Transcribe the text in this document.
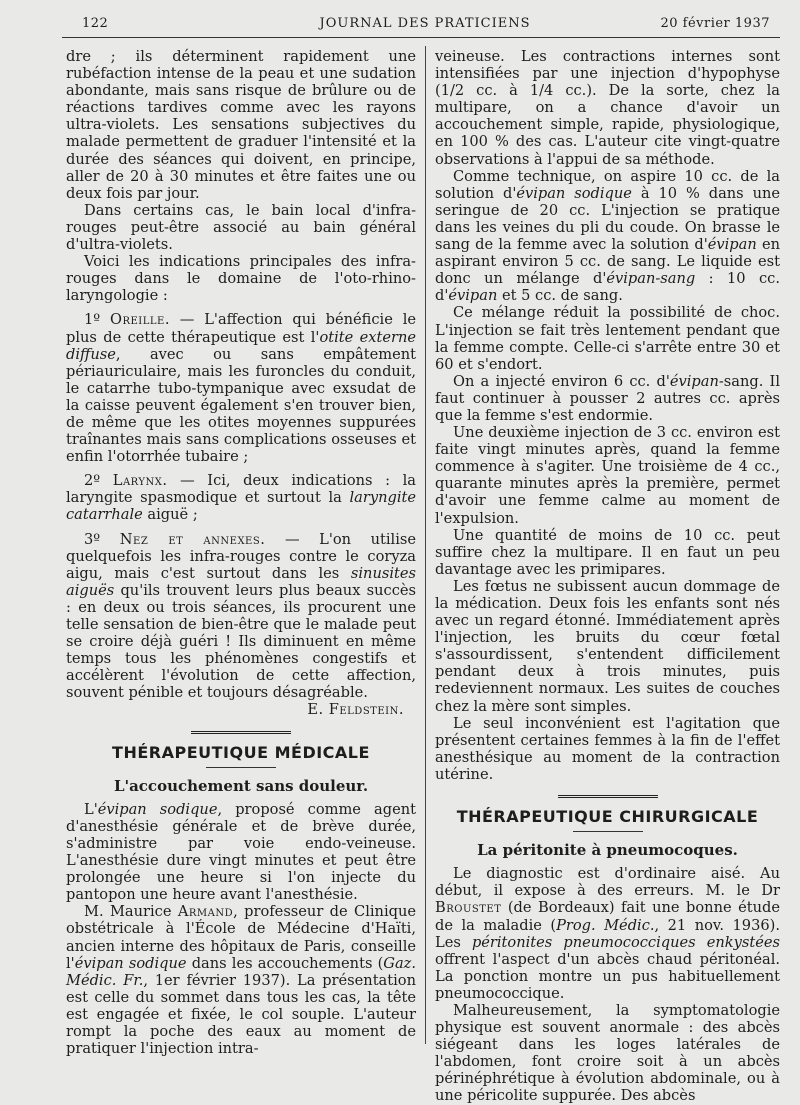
122	JOURNAL DES PRATICIENS	20 février 1937

dre ; ils déterminent rapidement une rubéfaction intense de la peau et une sudation abondante, mais sans risque de brûlure ou de réactions tardives comme avec les rayons ultra-violets. Les sensations subjectives du malade permettent de graduer l'intensité et la durée des séances qui doivent, en principe, aller de 20 à 30 minutes et être faites une ou deux fois par jour.

Dans certains cas, le bain local d'infra-rouges peut-être associé au bain général d'ultra-violets.

Voici les indications principales des infra-rouges dans le domaine de l'oto-rhino-laryngologie :

1º Oreille. — L'affection qui bénéficie le plus de cette thérapeutique est l'otite externe diffuse, avec ou sans empâtement périauriculaire, mais les furoncles du conduit, le catarrhe tubo-tympanique avec exsudat de la caisse peuvent également s'en trouver bien, de même que les otites moyennes suppurées traînantes mais sans complications osseuses et enfin l'otorrhée tubaire ;

2º Larynx. — Ici, deux indications : la laryngite spasmodique et surtout la laryngite catarrhale aiguë ;

3º Nez et annexes. — L'on utilise quelquefois les infra-rouges contre le coryza aigu, mais c'est surtout dans les sinusites aiguës qu'ils trouvent leurs plus beaux succès : en deux ou trois séances, ils procurent une telle sensation de bien-être que le malade peut se croire déjà guéri ! Ils diminuent en même temps tous les phénomènes congestifs et accélèrent l'évolution de cette affection, souvent pénible et toujours désagréable.

E. Feldstein.

THÉRAPEUTIQUE MÉDICALE
L'accouchement sans douleur.

L'évipan sodique, proposé comme agent d'anesthésie générale et de brève durée, s'administre par voie endo-veineuse. L'anesthésie dure vingt minutes et peut être prolongée une heure si l'on injecte du pantopon une heure avant l'anesthésie.

M. Maurice Armand, professeur de Clinique obstétricale à l'École de Médecine d'Haïti, ancien interne des hôpitaux de Paris, conseille l'évipan sodique dans les accouchements (Gaz. Médic. Fr., 1er février 1937). La présentation est celle du sommet dans tous les cas, la tête est engagée et fixée, le col souple. L'auteur rompt la poche des eaux au moment de pratiquer l'injection intra-

veineuse. Les contractions internes sont intensifiées par une injection d'hypophyse (1/2 cc. à 1/4 cc.). De la sorte, chez la multipare, on a chance d'avoir un accouchement simple, rapide, physiologique, en 100 % des cas. L'auteur cite vingt-quatre observations à l'appui de sa méthode.

Comme technique, on aspire 10 cc. de la solution d'évipan sodique à 10 % dans une seringue de 20 cc. L'injection se pratique dans les veines du pli du coude. On brasse le sang de la femme avec la solution d'évipan en aspirant environ 5 cc. de sang. Le liquide est donc un mélange d'évipan-sang : 10 cc. d'évipan et 5 cc. de sang.

Ce mélange réduit la possibilité de choc. L'injection se fait très lentement pendant que la femme compte. Celle-ci s'arrête entre 30 et 60 et s'endort.

On a injecté environ 6 cc. d'évipan-sang. Il faut continuer à pousser 2 autres cc. après que la femme s'est endormie.

Une deuxième injection de 3 cc. environ est faite vingt minutes après, quand la femme commence à s'agiter. Une troisième de 4 cc., quarante minutes après la première, permet d'avoir une femme calme au moment de l'expulsion.

Une quantité de moins de 10 cc. peut suffire chez la multipare. Il en faut un peu davantage avec les primipares.

Les fœtus ne subissent aucun dommage de la médication. Deux fois les enfants sont nés avec un regard étonné. Immédiatement après l'injection, les bruits du cœur fœtal s'assourdissent, s'entendent difficilement pendant deux à trois minutes, puis redeviennent normaux. Les suites de couches chez la mère sont simples.

Le seul inconvénient est l'agitation que présentent certaines femmes à la fin de l'effet anesthésique au moment de la contraction utérine.

THÉRAPEUTIQUE CHIRURGICALE
La péritonite à pneumocoques.

Le diagnostic est d'ordinaire aisé. Au début, il expose à des erreurs. M. le Dr Broustet (de Bordeaux) fait une bonne étude de la maladie (Prog. Médic., 21 nov. 1936). Les péritonites pneumococciques enkystées offrent l'aspect d'un abcès chaud péritonéal. La ponction montre un pus habituellement pneumococcique.

Malheureusement, la symptomatologie physique est souvent anormale : des abcès siégeant dans les loges latérales de l'abdomen, font croire soit à un abcès périnéphrétique à évolution abdominale, ou à une péricolite suppurée. Des abcès
